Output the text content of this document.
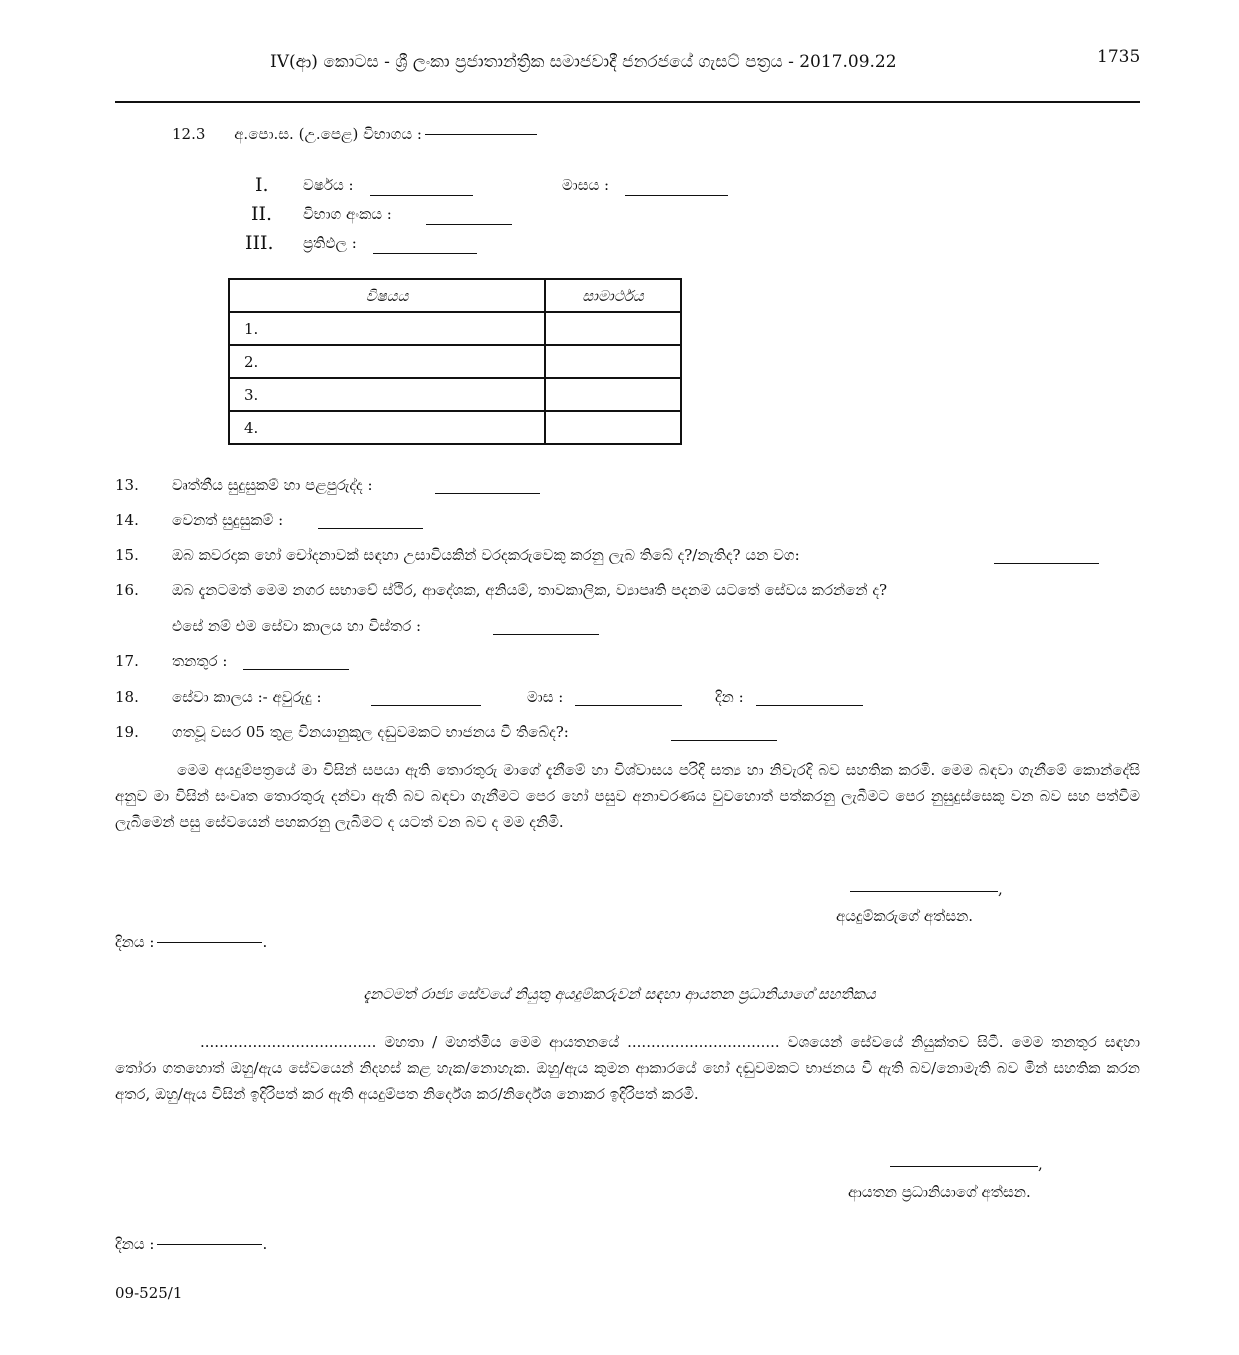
IV(ආ) කොටස - ශ්‍රී ලංකා ප්‍රජාතාන්ත්‍රික සමාජවාදී ජනරජයේ ගැසට් පත්‍රය - 2017.09.22	1735
12.3 අ.පො.ස. (උ.පෙළ) විභාගය :
I. වර්ෂය :	මාසය :
II. විභාග අංකය :
III. ප්‍රතිඵල :
විෂයය	සාමාර්ථය
1.	
2.	
3.	
4.	
13. වෘත්තීය සුදුසුකම් හා පළපුරුද්ද :
14. වෙනත් සුදුසුකම් :
15. ඔබ කවරදාක හෝ චෝදනාවක් සඳහා උසාවියකින් වරදකරුවෙකු කරනු ලැබ තිබේ ද?/නැතිද? යන වග:
16. ඔබ දැනටමත් මෙම නගර සභාවේ ස්ථිර, ආදේශක, අනියම්, තාවකාලික, ව්‍යාපෘති පදනම යටතේ සේවය කරන්නේ ද?
එසේ නම් එම සේවා කාලය හා විස්තර :
17. තනතුර :
18. සේවා කාලය :- අවුරුදු :	මාස :	දින :
19. ගතවූ වසර 05 තුළ විනයානුකූල දඬුවමකට භාජනය වී තිබේද?:
මෙම අයදුම්පත්‍රයේ මා විසින් සපයා ඇති තොරතුරු මාගේ දැනීමේ හා විශ්වාසය පරිදි සත්‍ය හා නිවැරදි බව සහතික කරමි. මෙම බඳවා ගැනීමේ කොන්දේසි අනුව මා විසින් සංවෘත තොරතුරු දන්වා ඇති බව බඳවා ගැනීමට පෙර හෝ පසුව අනාවරණය වුවහොත් පත්කරනු ලැබීමට පෙර නුසුදුස්සෙකු වන බව සහ පත්වීම ලැබීමෙන් පසු සේවයෙන් පහකරනු ලැබීමට ද යටත් වන බව ද මම දනිමි.
,
අයදුම්කරුගේ අත්සන.
දිනය :	.
දැනටමත් රාජ්‍ය සේවයේ නියුතු අයදුම්කරුවන් සඳහා ආයතන ප්‍රධානියාගේ සහතිකය
..................................... මහතා / මහත්මිය මෙම ආයතනයේ ................................ වශයෙන් සේවයේ නියුක්තව සිටී. මෙම තනතුර සඳහා තෝරා ගතහොත් ඔහු/ඇය සේවයෙන් නිදහස් කළ හැක/නොහැක. ඔහු/ඇය කුමන ආකාරයේ හෝ දඬුවමකට භාජනය වී ඇති බව/නොමැති බව මින් සහතික කරන අතර, ඔහු/ඇය විසින් ඉදිරිපත් කර ඇති අයදුම්පත නිර්දේශ කර/නිර්දේශ නොකර ඉදිරිපත් කරමි.
,
ආයතන ප්‍රධානියාගේ අත්සන.
දිනය :	.
09-525/1
